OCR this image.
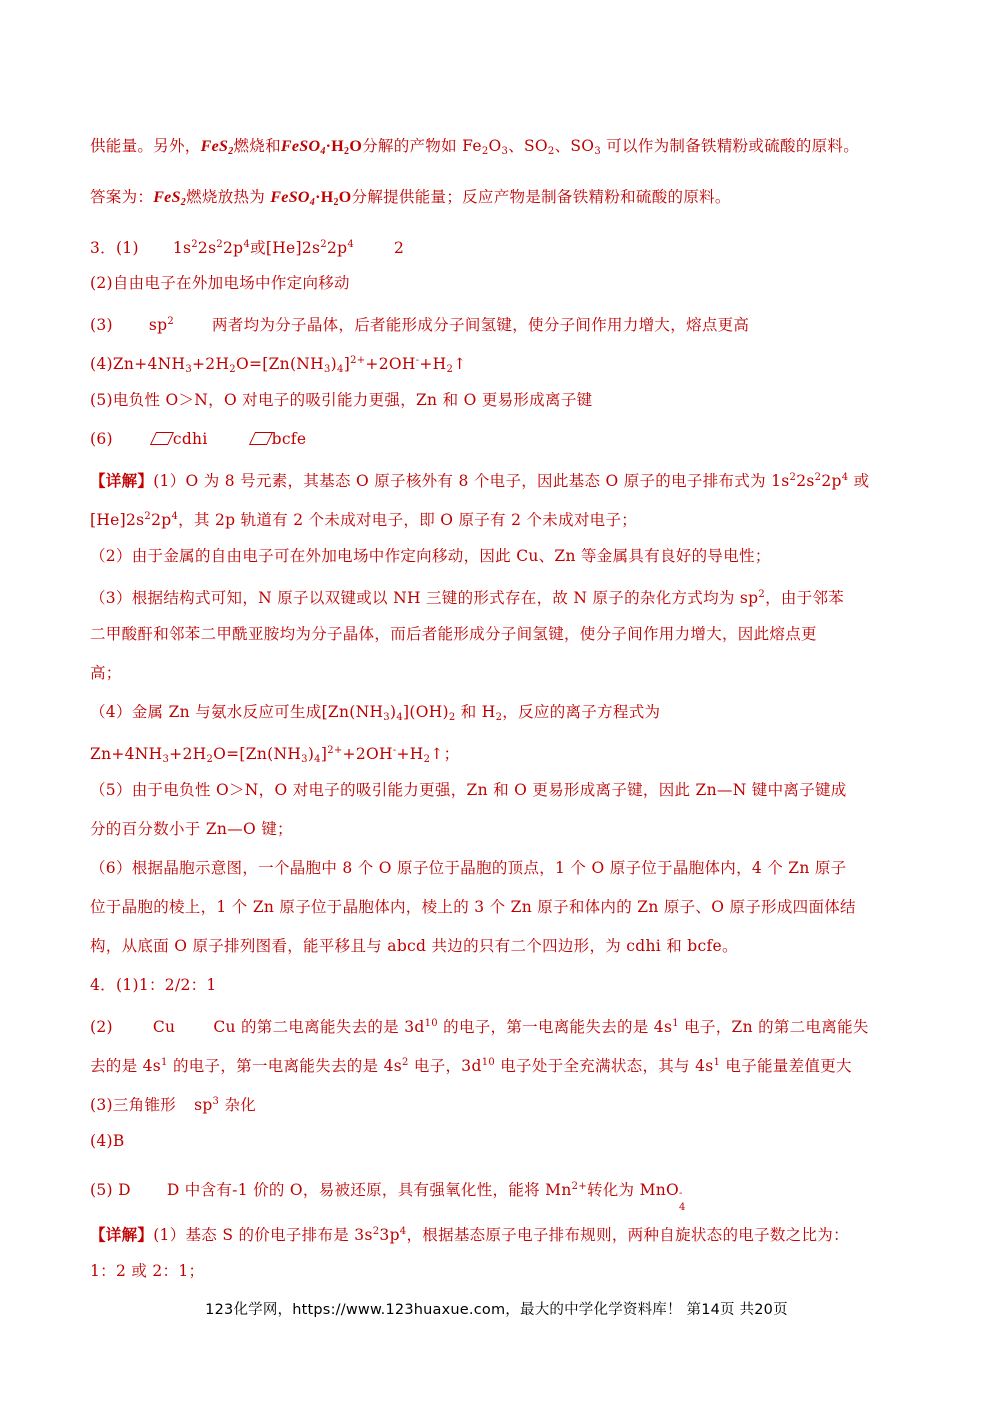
供能量。另外，FeS$_2$燃烧和$FeSO_4\cdot H_2O$分解的产物如 $Fe_2O_3$、$SO_2$、$SO_3$ 可以作为制备铁精粉或硫酸的原料。
答案为：FeS$_2$燃烧放热为 $FeSO_4\cdot H_2O$分解提供能量；反应产物是制备铁精粉和硫酸的原料。
3．(1) $1s^22s^22p^4$或$[He]2s^22p^4$	2
(2)自由电子在外加电场中作定向移动
(3) $sp^2$ 两者均为分子晶体，后者能形成分子间氢键，使分子间作用力增大，熔点更高
$(4)Zn+4NH_3+2H_2O=[Zn(NH_3)_4]^{2+}+2OH^-+H_2↑$
(5)电负性 O＞N，O 对电子的吸引能力更强，Zn 和 O 更易形成离子键
(6)	cdhi	bcfe
【详解】(1）O 为 8 号元素，其基态 O 原子核外有 8 个电子，因此基态 O 原子的电子排布式为 $1s^22s^22p^4$ 或
$[He]2s^22p^4$，其 2p 轨道有 2 个未成对电子，即 O 原子有 2 个未成对电子；
（2）由于金属的自由电子可在外加电场中作定向移动，因此 Cu、Zn 等金属具有良好的导电性；
（3）根据结构式可知，N 原子以双键或以 NH 三键的形式存在，故 N 原子的杂化方式均为 $sp^2$，由于邻苯
二甲酸酐和邻苯二甲酰亚胺均为分子晶体，而后者能形成分子间氢键，使分子间作用力增大，因此熔点更
高；
（4）金属 Zn 与氨水反应可生成$[Zn(NH_3)_4](OH)_2$ 和 $H_2$，反应的离子方程式为
$Zn+4NH_3+2H_2O=[Zn(NH_3)_4]^{2+}+2OH^-+H_2↑$；
（5）由于电负性 O＞N，O 对电子的吸引能力更强，Zn 和 O 更易形成离子键，因此 Zn—N 键中离子键成
分的百分数小于 Zn—O 键；
（6）根据晶胞示意图，一个晶胞中 8 个 O 原子位于晶胞的顶点，1 个 O 原子位于晶胞体内，4 个 Zn 原子
位于晶胞的棱上，1 个 Zn 原子位于晶胞体内，棱上的 3 个 Zn 原子和体内的 Zn 原子、O 原子形成四面体结
构，从底面 O 原子排列图看，能平移且与 abcd 共边的只有二个四边形，为 cdhi 和 bcfe。
4．(1)1：2/2：1
(2)	Cu Cu 的第二电离能失去的是 $3d^{10}$ 的电子，第一电离能失去的是 $4s^1$ 电子，Zn 的第二电离能失
去的是 $4s^1$ 的电子，第一电离能失去的是 $4s^2$ 电子，$3d^{10}$ 电子处于全充满状态，其与 $4s^1$ 电子能量差值更大
(3)三角锥形 $sp^3$ 杂化
(4)B
(5) D D 中含有-1 价的 O，易被还原，具有强氧化性，能将 $Mn^{2+}$转化为 MnO -
4
【详解】(1）基态 S 的价电子排布是 $3s^23p^4$，根据基态原子电子排布规则，两种自旋状态的电子数之比为：
1：2 或 2：1；
123化学网，https://www.123huaxue.com，最大的中学化学资料库！ 第14页 共20页
